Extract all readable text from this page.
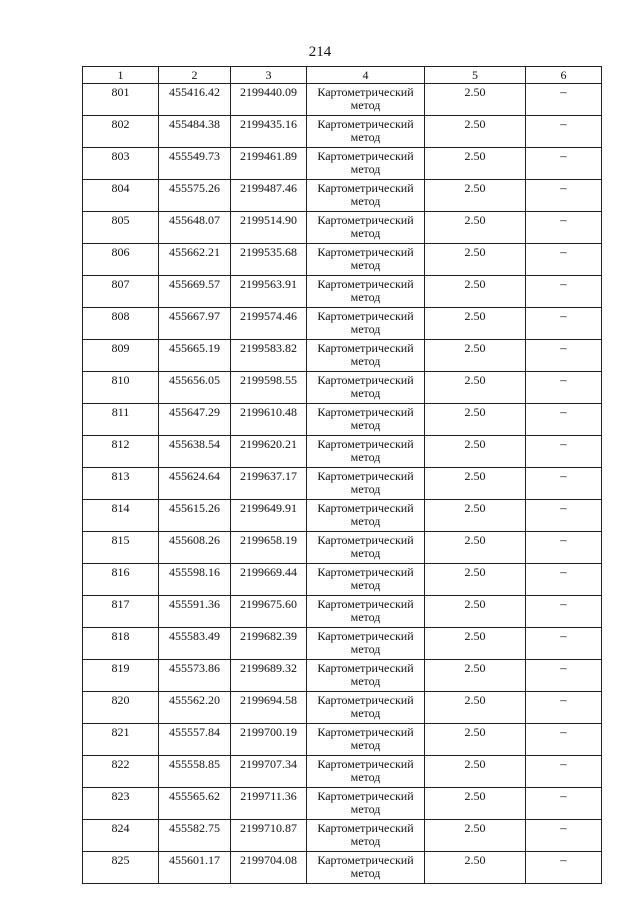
214
1	2	3	4	5	6
801	455416.42	2199440.09	Картометрический метод	2.50	–
802	455484.38	2199435.16	Картометрический метод	2.50	–
803	455549.73	2199461.89	Картометрический метод	2.50	–
804	455575.26	2199487.46	Картометрический метод	2.50	–
805	455648.07	2199514.90	Картометрический метод	2.50	–
806	455662.21	2199535.68	Картометрический метод	2.50	–
807	455669.57	2199563.91	Картометрический метод	2.50	–
808	455667.97	2199574.46	Картометрический метод	2.50	–
809	455665.19	2199583.82	Картометрический метод	2.50	–
810	455656.05	2199598.55	Картометрический метод	2.50	–
811	455647.29	2199610.48	Картометрический метод	2.50	–
812	455638.54	2199620.21	Картометрический метод	2.50	–
813	455624.64	2199637.17	Картометрический метод	2.50	–
814	455615.26	2199649.91	Картометрический метод	2.50	–
815	455608.26	2199658.19	Картометрический метод	2.50	–
816	455598.16	2199669.44	Картометрический метод	2.50	–
817	455591.36	2199675.60	Картометрический метод	2.50	–
818	455583.49	2199682.39	Картометрический метод	2.50	–
819	455573.86	2199689.32	Картометрический метод	2.50	–
820	455562.20	2199694.58	Картометрический метод	2.50	–
821	455557.84	2199700.19	Картометрический метод	2.50	–
822	455558.85	2199707.34	Картометрический метод	2.50	–
823	455565.62	2199711.36	Картометрический метод	2.50	–
824	455582.75	2199710.87	Картометрический метод	2.50	–
825	455601.17	2199704.08	Картометрический метод	2.50	–
